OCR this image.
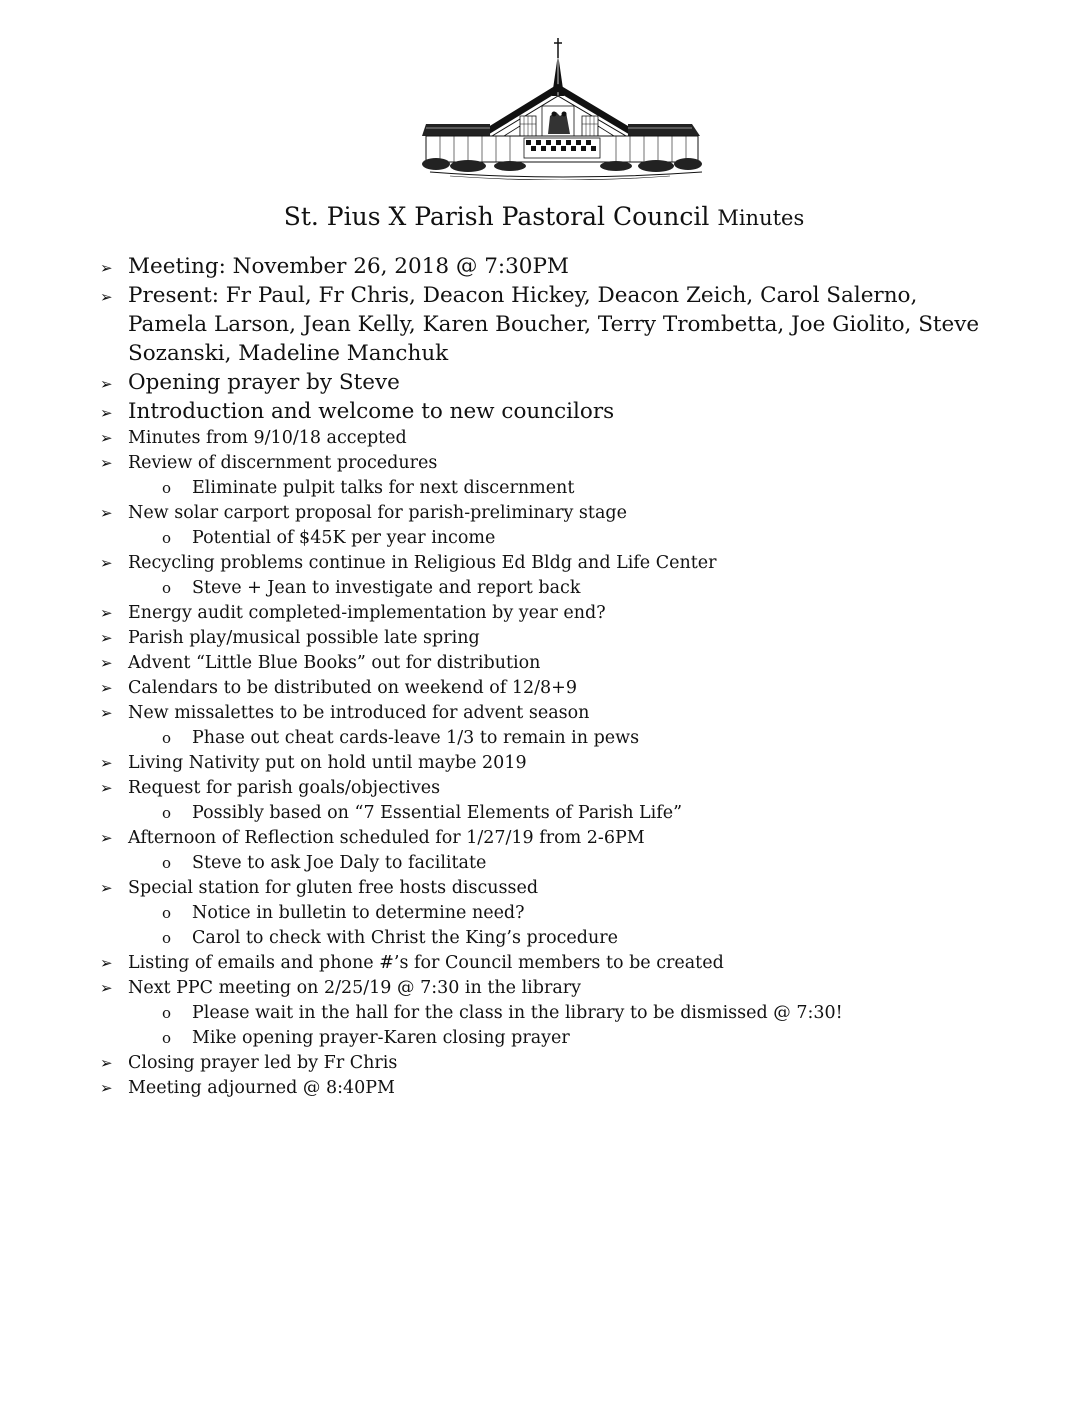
St. Pius X Parish Pastoral Council Minutes
➢ Meeting: November 26, 2018 @ 7:30PM
➢ Present: Fr Paul, Fr Chris, Deacon Hickey, Deacon Zeich, Carol Salerno, Pamela Larson, Jean Kelly, Karen Boucher, Terry Trombetta, Joe Giolito, Steve Sozanski, Madeline Manchuk
➢ Opening prayer by Steve
➢ Introduction and welcome to new councilors
➢ Minutes from 9/10/18 accepted
➢ Review of discernment procedures
o Eliminate pulpit talks for next discernment
➢ New solar carport proposal for parish-preliminary stage
o Potential of $45K per year income
➢ Recycling problems continue in Religious Ed Bldg and Life Center
o Steve + Jean to investigate and report back
➢ Energy audit completed-implementation by year end?
➢ Parish play/musical possible late spring
➢ Advent “Little Blue Books” out for distribution
➢ Calendars to be distributed on weekend of 12/8+9
➢ New missalettes to be introduced for advent season
o Phase out cheat cards-leave 1/3 to remain in pews
➢ Living Nativity put on hold until maybe 2019
➢ Request for parish goals/objectives
o Possibly based on “7 Essential Elements of Parish Life”
➢ Afternoon of Reflection scheduled for 1/27/19 from 2-6PM
o Steve to ask Joe Daly to facilitate
➢ Special station for gluten free hosts discussed
o Notice in bulletin to determine need?
o Carol to check with Christ the King’s procedure
➢ Listing of emails and phone #’s for Council members to be created
➢ Next PPC meeting on 2/25/19 @ 7:30 in the library
o Please wait in the hall for the class in the library to be dismissed @ 7:30!
o Mike opening prayer-Karen closing prayer
➢ Closing prayer led by Fr Chris
➢ Meeting adjourned @ 8:40PM
